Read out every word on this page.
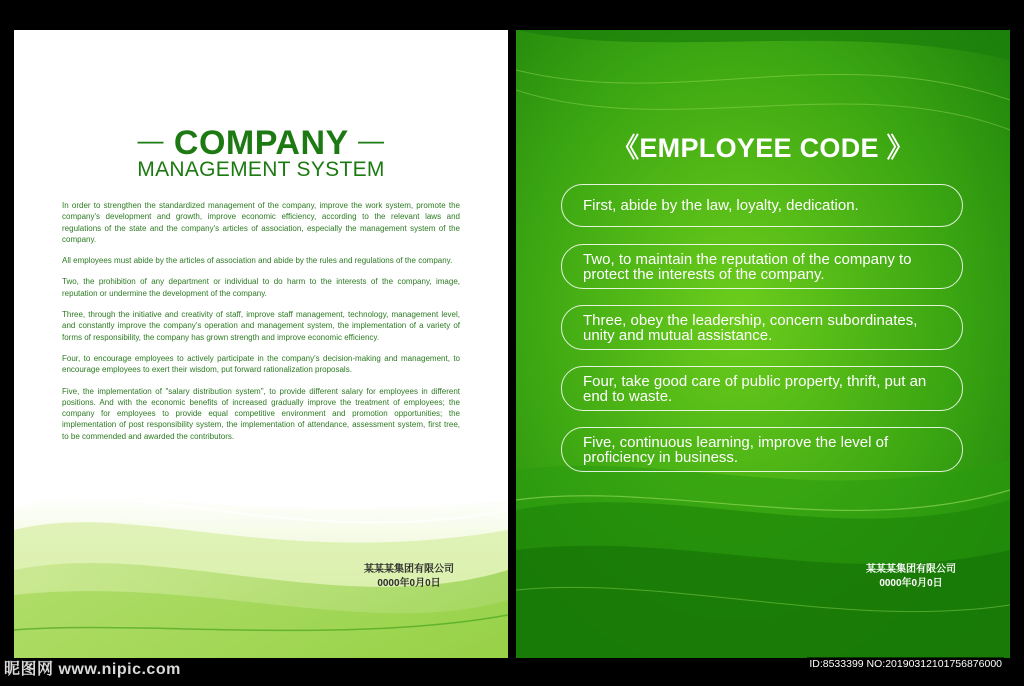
— COMPANY —
MANAGEMENT SYSTEM

In order to strengthen the standardized management of the company, improve the work system, promote the company's development and growth, improve economic efficiency, according to the relevant laws and regulations of the state and the company's articles of association, especially the management system of the company.

All employees must abide by the articles of association and abide by the rules and regulations of the company.

Two, the prohibition of any department or individual to do harm to the interests of the company, image, reputation or undermine the development of the company.

Three, through the initiative and creativity of staff, improve staff management, technology, management level, and constantly improve the company's operation and management system, the implementation of a variety of forms of responsibility, the company has grown strength and improve economic efficiency.

Four, to encourage employees to actively participate in the company's decision-making and management, to encourage employees to exert their wisdom, put forward rationalization proposals.

Five, the implementation of "salary distribution system", to provide different salary for employees in different positions. And with the economic benefits of increased gradually improve the treatment of employees; the company for employees to provide equal competitive environment and promotion opportunities; the implementation of post responsibility system, the implementation of attendance, assessment system, first tree, to be commended and awarded the contributors.

某某某集团有限公司
0000年0月0日
《EMPLOYEE CODE 》
First, abide by the law, loyalty, dedication.
Two, to maintain the reputation of the company to protect the interests of the company.
Three, obey the leadership, concern subordinates, unity and mutual assistance.
Four, take good care of public property, thrift, put an end to waste.
Five, continuous learning, improve the level of proficiency in business.
某某某集团有限公司
0000年0月0日
昵图网 www.nipic.com	ID:8533399 NO:20190312101756876000
